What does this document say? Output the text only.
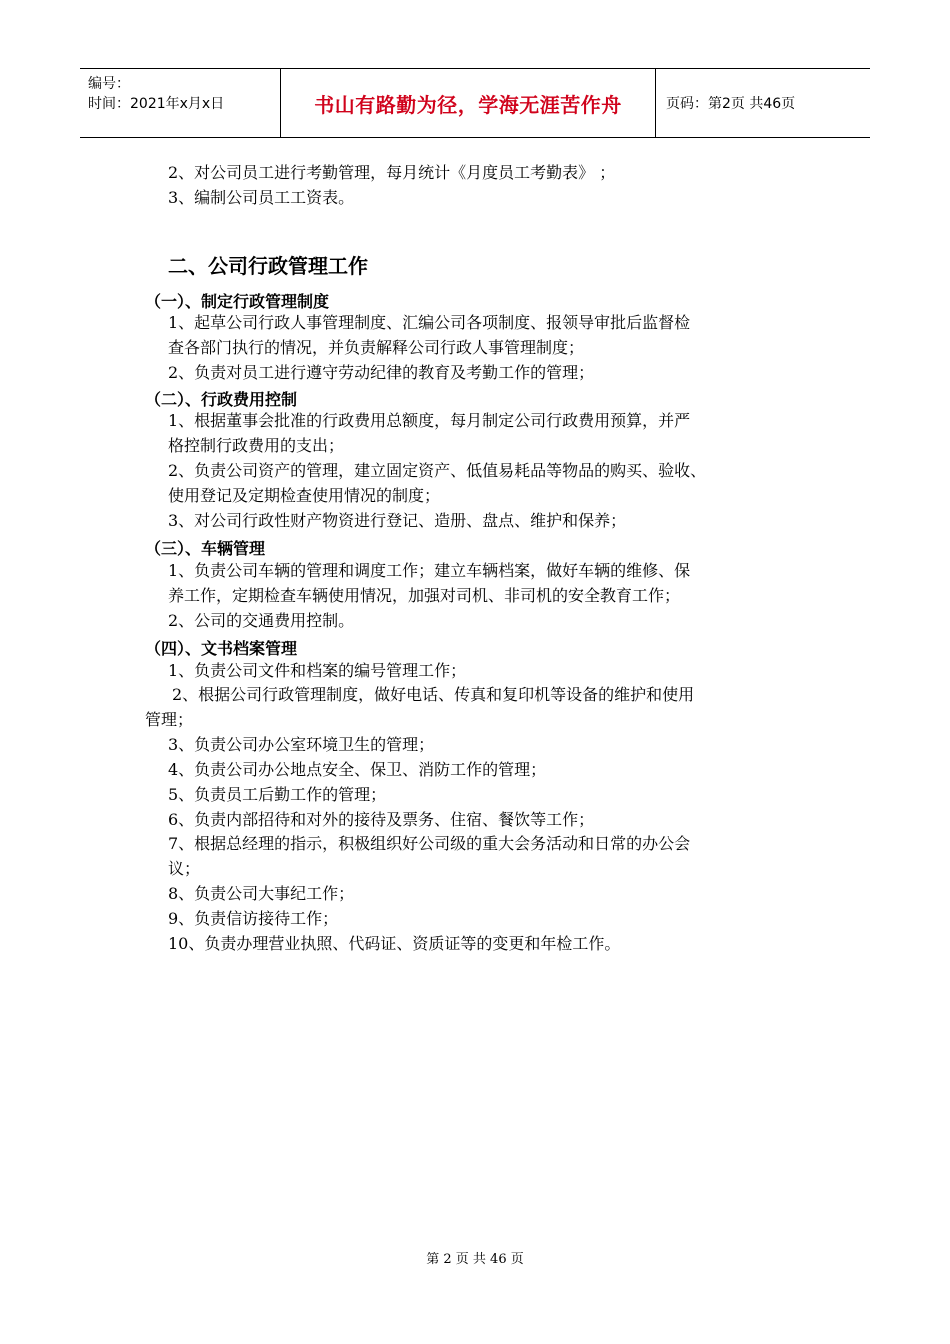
编号：
时间：2021年x月x日	书山有路勤为径，学海无涯苦作舟	页码：第2页 共46页
2、对公司员工进行考勤管理，每月统计《月度员工考勤表》 ；
3、编制公司员工工资表。
二、公司行政管理工作
（一）、制定行政管理制度
1、起草公司行政人事管理制度、汇编公司各项制度、报领导审批后监督检
查各部门执行的情况，并负责解释公司行政人事管理制度；
2、负责对员工进行遵守劳动纪律的教育及考勤工作的管理；
（二）、行政费用控制
1、根据董事会批准的行政费用总额度，每月制定公司行政费用预算，并严
格控制行政费用的支出；
2、负责公司资产的管理，建立固定资产、低值易耗品等物品的购买、验收、
使用登记及定期检查使用情况的制度；
3、对公司行政性财产物资进行登记、造册、盘点、维护和保养；
（三）、车辆管理
1、负责公司车辆的管理和调度工作；建立车辆档案，做好车辆的维修、保
养工作，定期检查车辆使用情况，加强对司机、非司机的安全教育工作；
2、公司的交通费用控制。
（四）、文书档案管理
1、负责公司文件和档案的编号管理工作；
2、根据公司行政管理制度，做好电话、传真和复印机等设备的维护和使用
管理；
3、负责公司办公室环境卫生的管理；
4、负责公司办公地点安全、保卫、消防工作的管理；
5、负责员工后勤工作的管理；
6、负责内部招待和对外的接待及票务、住宿、餐饮等工作；
7、根据总经理的指示，积极组织好公司级的重大会务活动和日常的办公会
议；
8、负责公司大事纪工作；
9、负责信访接待工作；
10、负责办理营业执照、代码证、资质证等的变更和年检工作。
第 2 页 共 46 页
